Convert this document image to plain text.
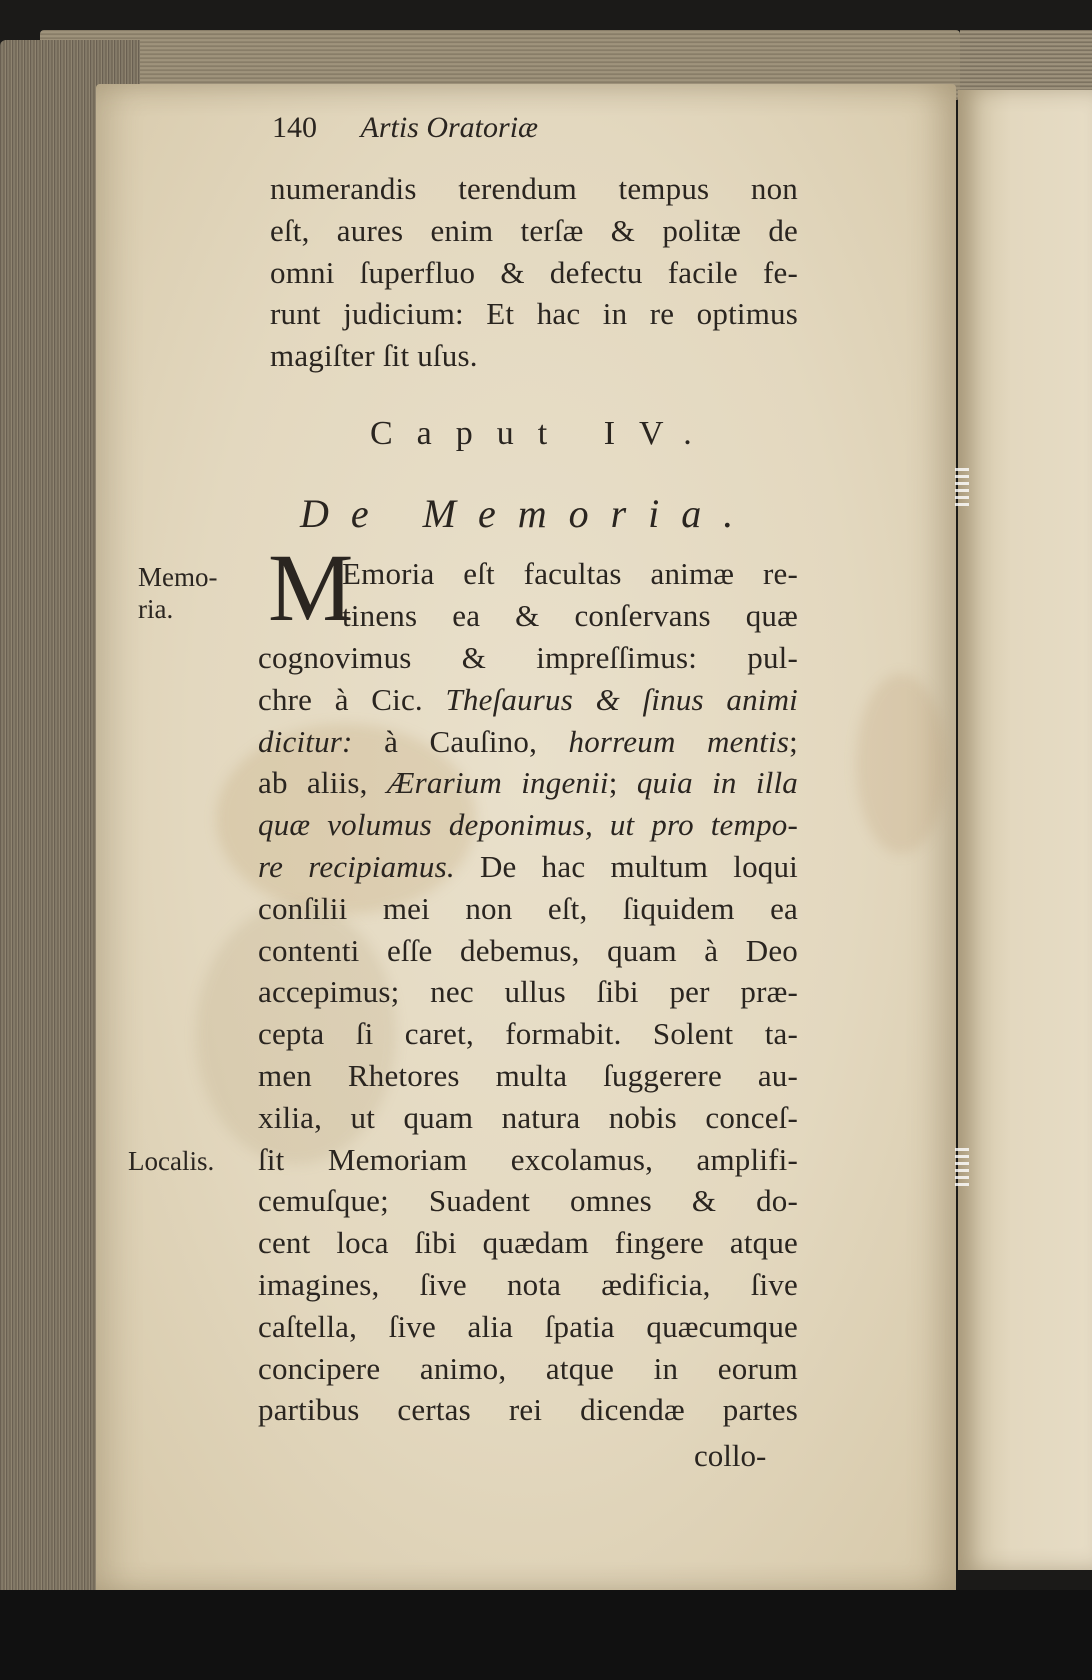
140 Artis Oratoriæ
numerandis terendum tempus non
eſt, aures enim terſæ & politæ de
omni ſuperfluo & defectu facile fe-
runt judicium: Et hac in re optimus
magiſter ſit uſus.
Caput IV.
De Memoria.
M
Emoria eſt facultas animæ re-
tinens ea & conſervans quæ
cognovimus & impreſſimus: pul-
chre à Cic. Theſaurus & ſinus animi
dicitur: à Cauſino, horreum mentis;
ab aliis, Ærarium ingenii; quia in illa
quæ volumus deponimus, ut pro tempo-
re recipiamus. De hac multum loqui
conſilii mei non eſt, ſiquidem ea
contenti eſſe debemus, quam à Deo
accepimus; nec ullus ſibi per præ-
cepta ſi caret, formabit. Solent ta-
men Rhetores multa ſuggerere au-
xilia, ut quam natura nobis conceſ-
ſit Memoriam excolamus, amplifi-
cemuſque; Suadent omnes & do-
cent loca ſibi quædam fingere atque
imagines, ſive nota ædificia, ſive
caſtella, ſive alia ſpatia quæcumque
concipere animo, atque in eorum
partibus certas rei dicendæ partes
collo-
Memo-
ria.
Localis.
